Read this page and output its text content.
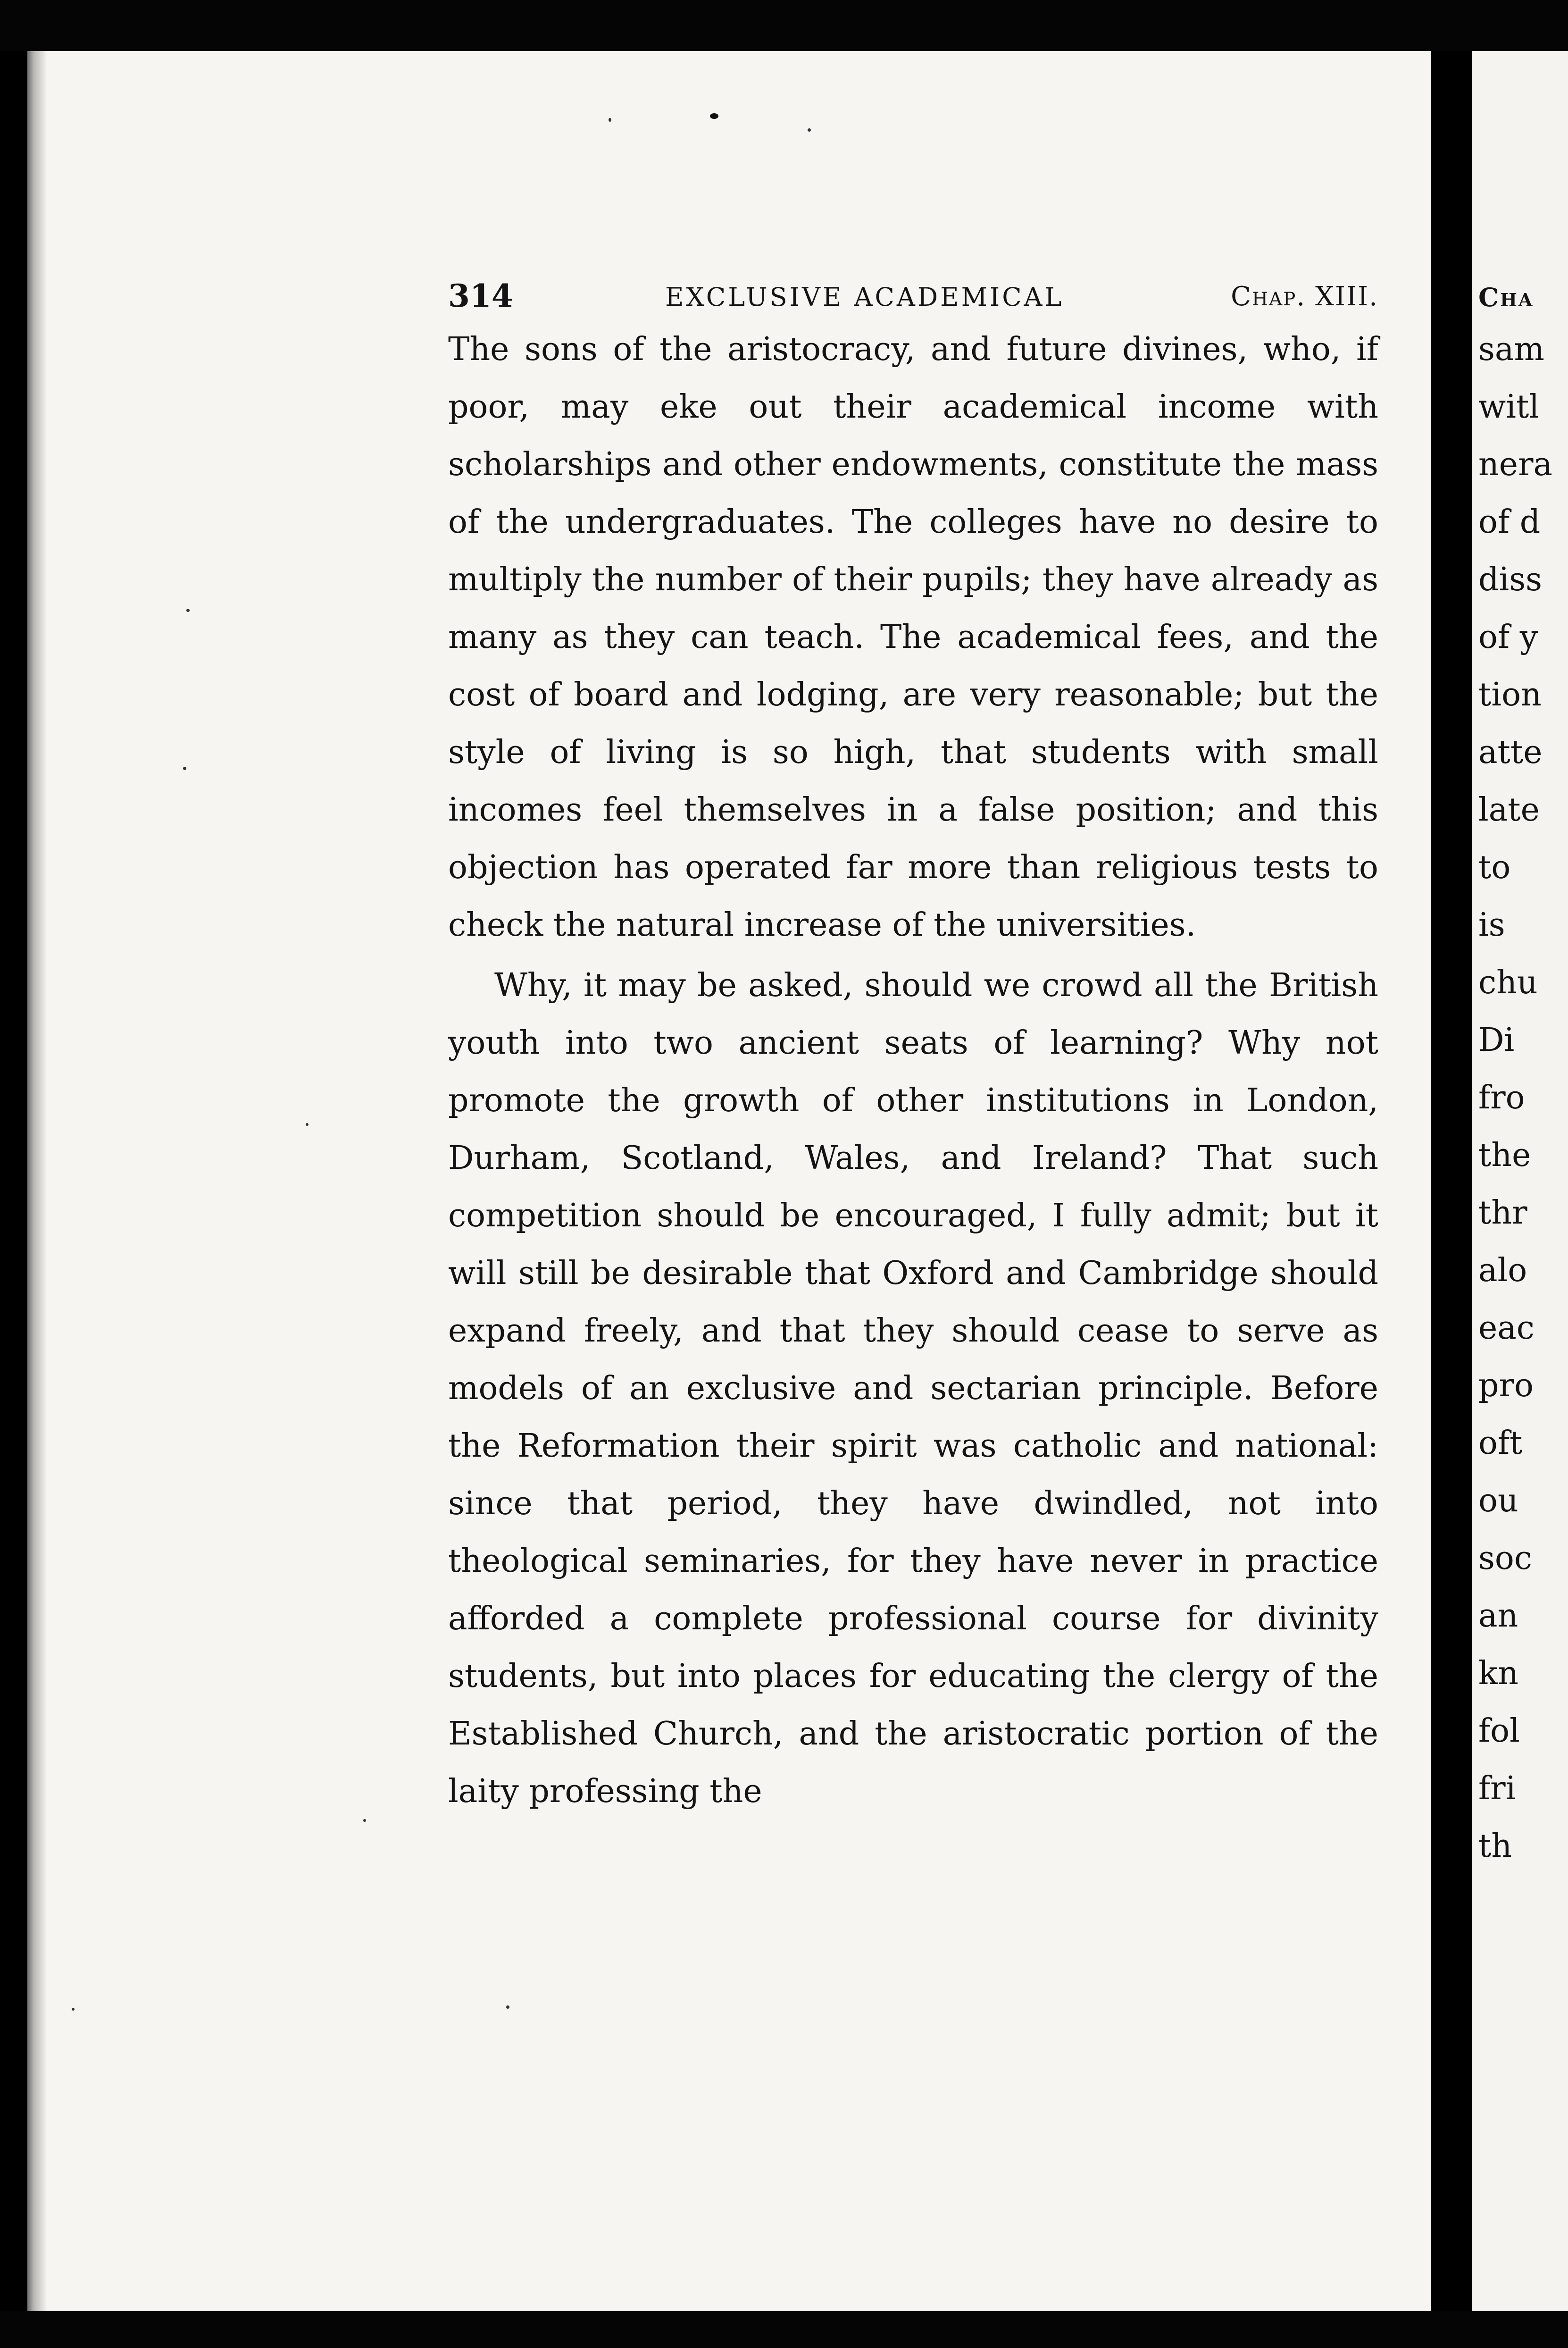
314	EXCLUSIVE ACADEMICAL	Chap. XIII.

The sons of the aristocracy, and future divines, who, if poor, may eke out their academical income with scholarships and other endowments, constitute the mass of the undergraduates. The colleges have no desire to multiply the number of their pupils; they have already as many as they can teach. The academical fees, and the cost of board and lodging, are very reasonable; but the style of living is so high, that students with small incomes feel themselves in a false position; and this objection has operated far more than religious tests to check the natural increase of the universities.

Why, it may be asked, should we crowd all the British youth into two ancient seats of learning? Why not promote the growth of other institutions in London, Durham, Scotland, Wales, and Ireland? That such competition should be encouraged, I fully admit; but it will still be desirable that Oxford and Cambridge should expand freely, and that they should cease to serve as models of an exclusive and sectarian principle. Before the Reformation their spirit was catholic and national: since that period, they have dwindled, not into theological seminaries, for they have never in practice afforded a complete professional course for divinity students, but into places for educating the clergy of the Established Church, and the aristocratic portion of the laity professing the

Cha
sam
witl
nera
of d
diss
of y
tion
atte
late
to
is
chu
Di
fro
the
thr
alo
eac
pro
oft
ou
soc
an
kn
fol
fri
th
